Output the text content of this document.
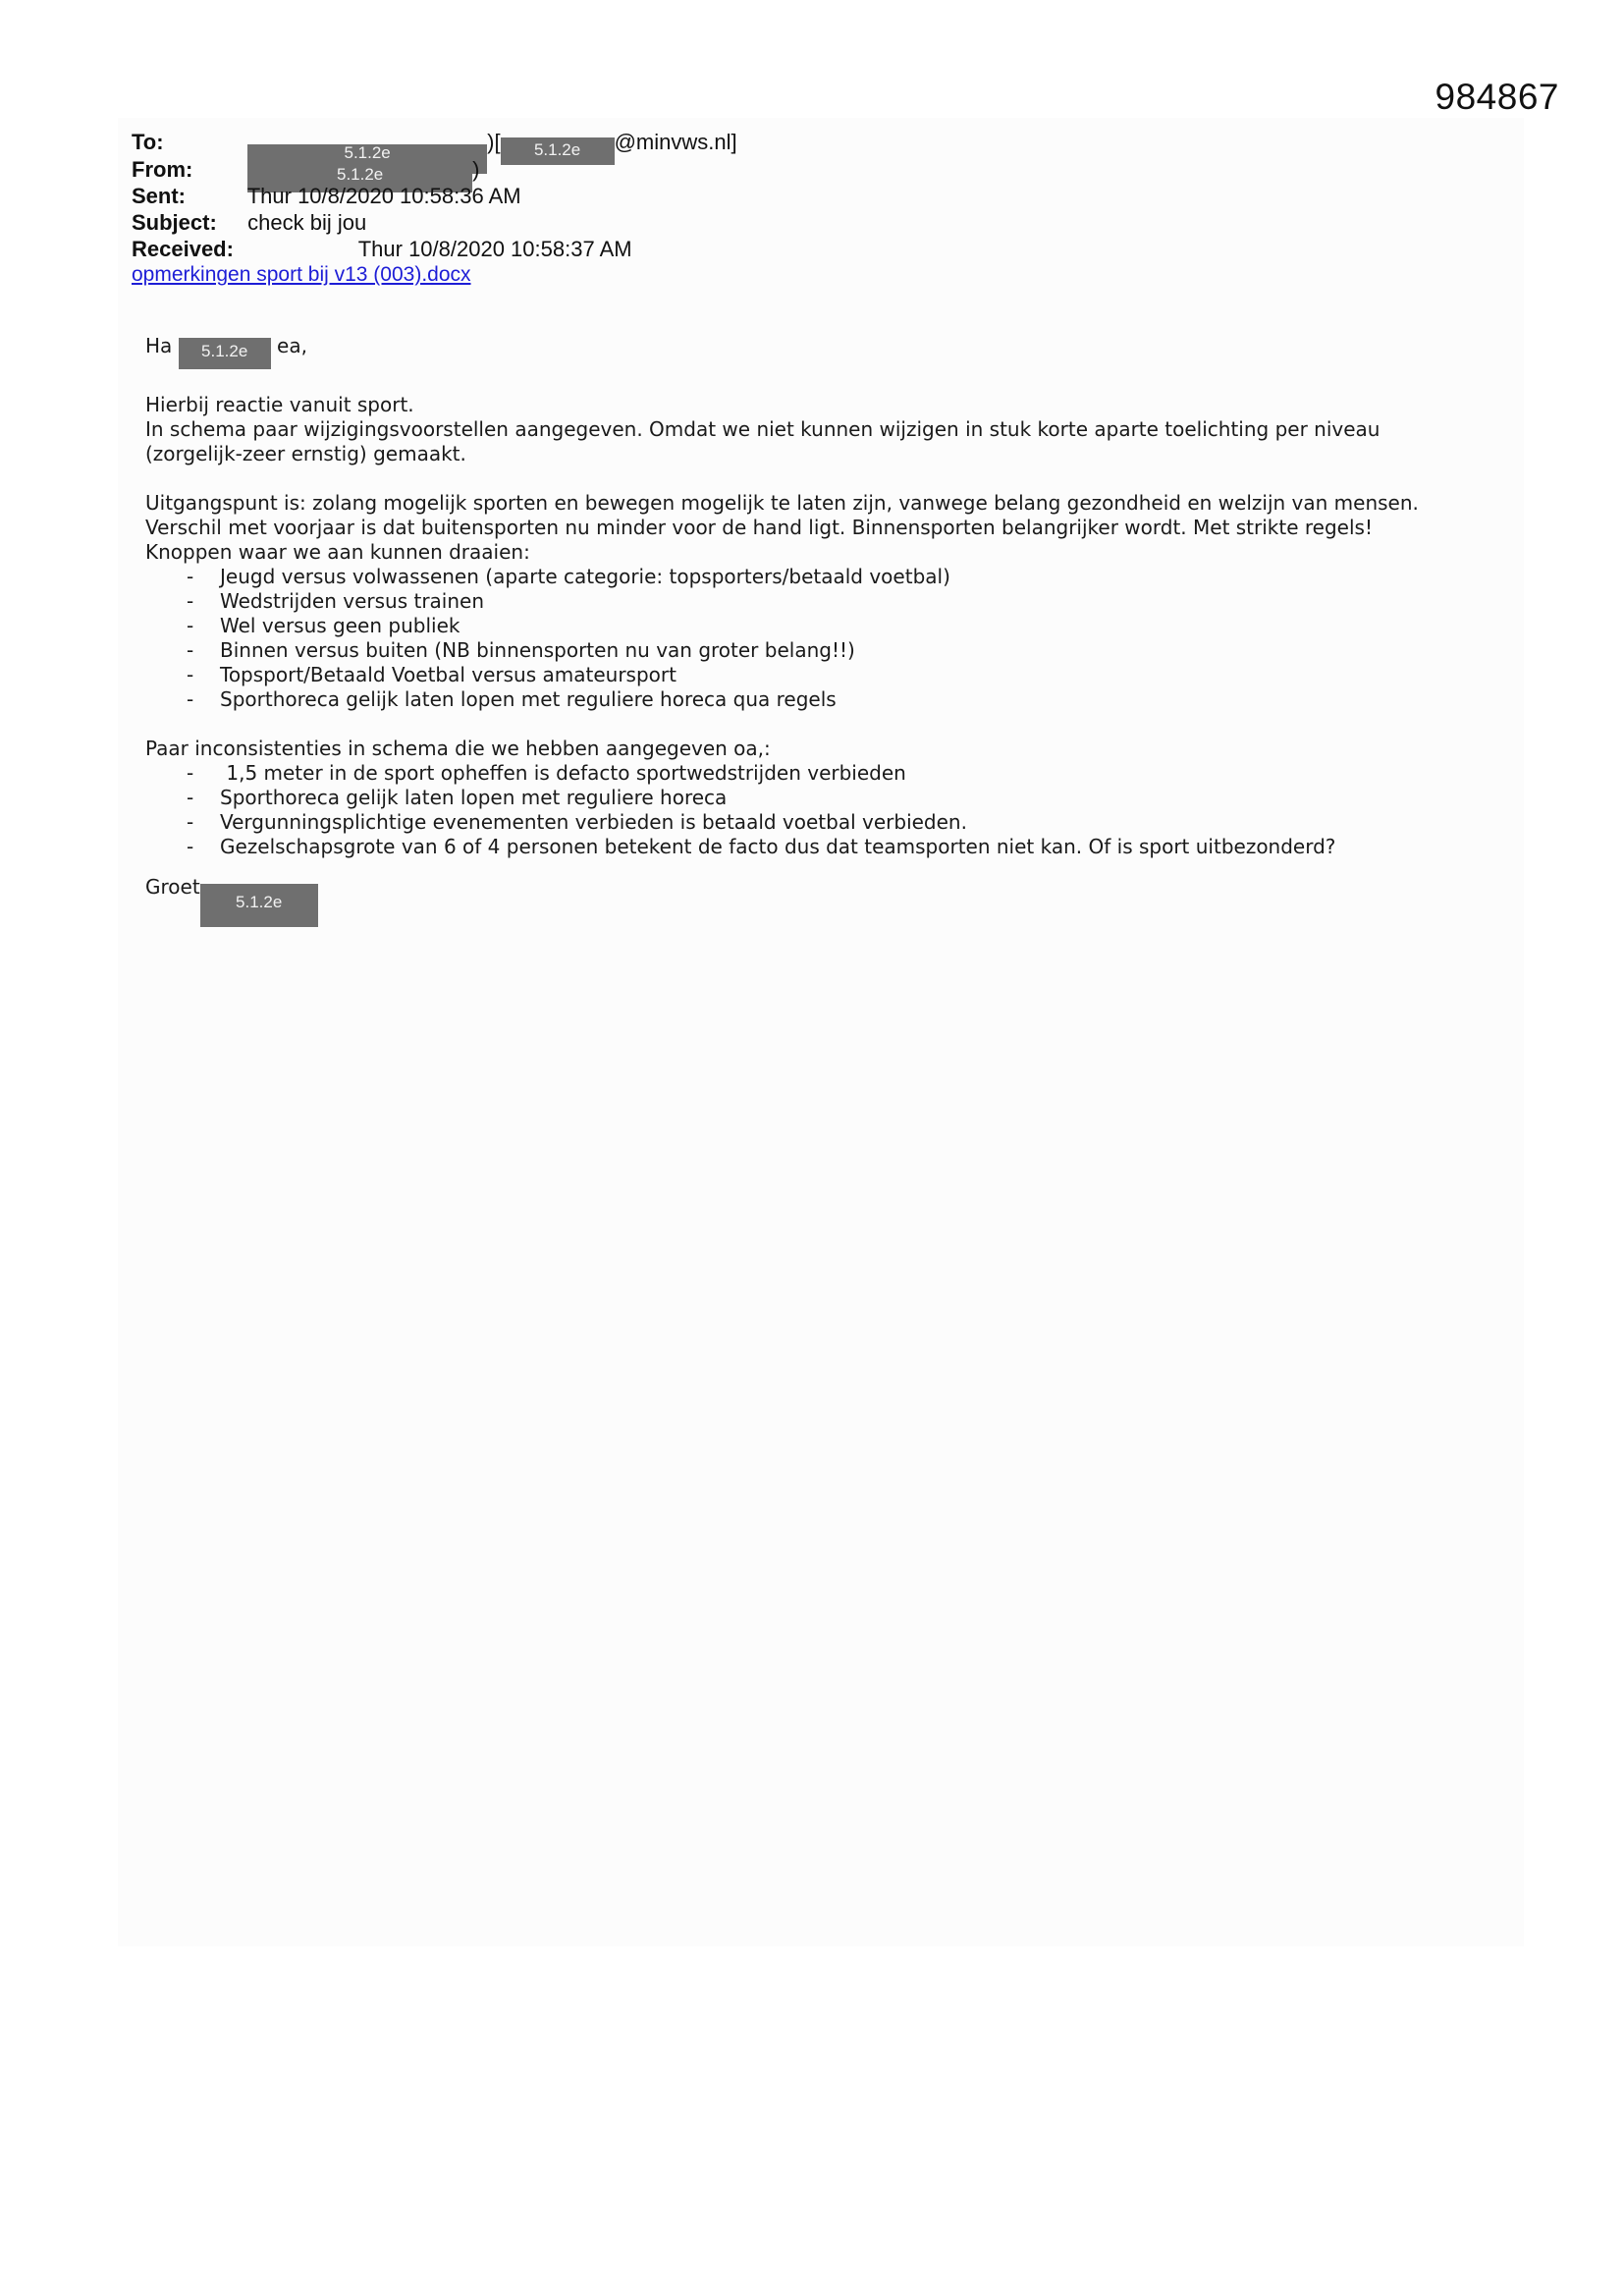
984867
To:	5.1.2e	)[ 5.1.2e @minvws.nl]
From:	5.1.2e	)
Sent:	Thur 10/8/2020 10:58:36 AM
Subject: check bij jou
Received:	Thur 10/8/2020 10:58:37 AM
opmerkingen sport bij v13 (003).docx

Ha 5.1.2e ea,

Hierbij reactie vanuit sport.

In schema paar wijzigingsvoorstellen aangegeven. Omdat we niet kunnen wijzigen in stuk korte aparte toelichting per niveau

(zorgelijk-zeer ernstig) gemaakt.

Uitgangspunt is: zolang mogelijk sporten en bewegen mogelijk te laten zijn, vanwege belang gezondheid en welzijn van mensen.

Verschil met voorjaar is dat buitensporten nu minder voor de hand ligt. Binnensporten belangrijker wordt. Met strikte regels!

Knoppen waar we aan kunnen draaien:

- Jeugd versus volwassenen (aparte categorie: topsporters/betaald voetbal)
- Wedstrijden versus trainen
- Wel versus geen publiek
- Binnen versus buiten (NB binnensporten nu van groter belang!!)
- Topsport/Betaald Voetbal versus amateursport
- Sporthoreca gelijk laten lopen met reguliere horeca qua regels

Paar inconsistenties in schema die we hebben aangegeven oa,:

- 1,5 meter in de sport opheffen is defacto sportwedstrijden verbieden
- Sporthoreca gelijk laten lopen met reguliere horeca
- Vergunningsplichtige evenementen verbieden is betaald voetbal verbieden.
- Gezelschapsgrote van 6 of 4 personen betekent de facto dus dat teamsporten niet kan. Of is sport uitbezonderd?

Groet5.1.2e
